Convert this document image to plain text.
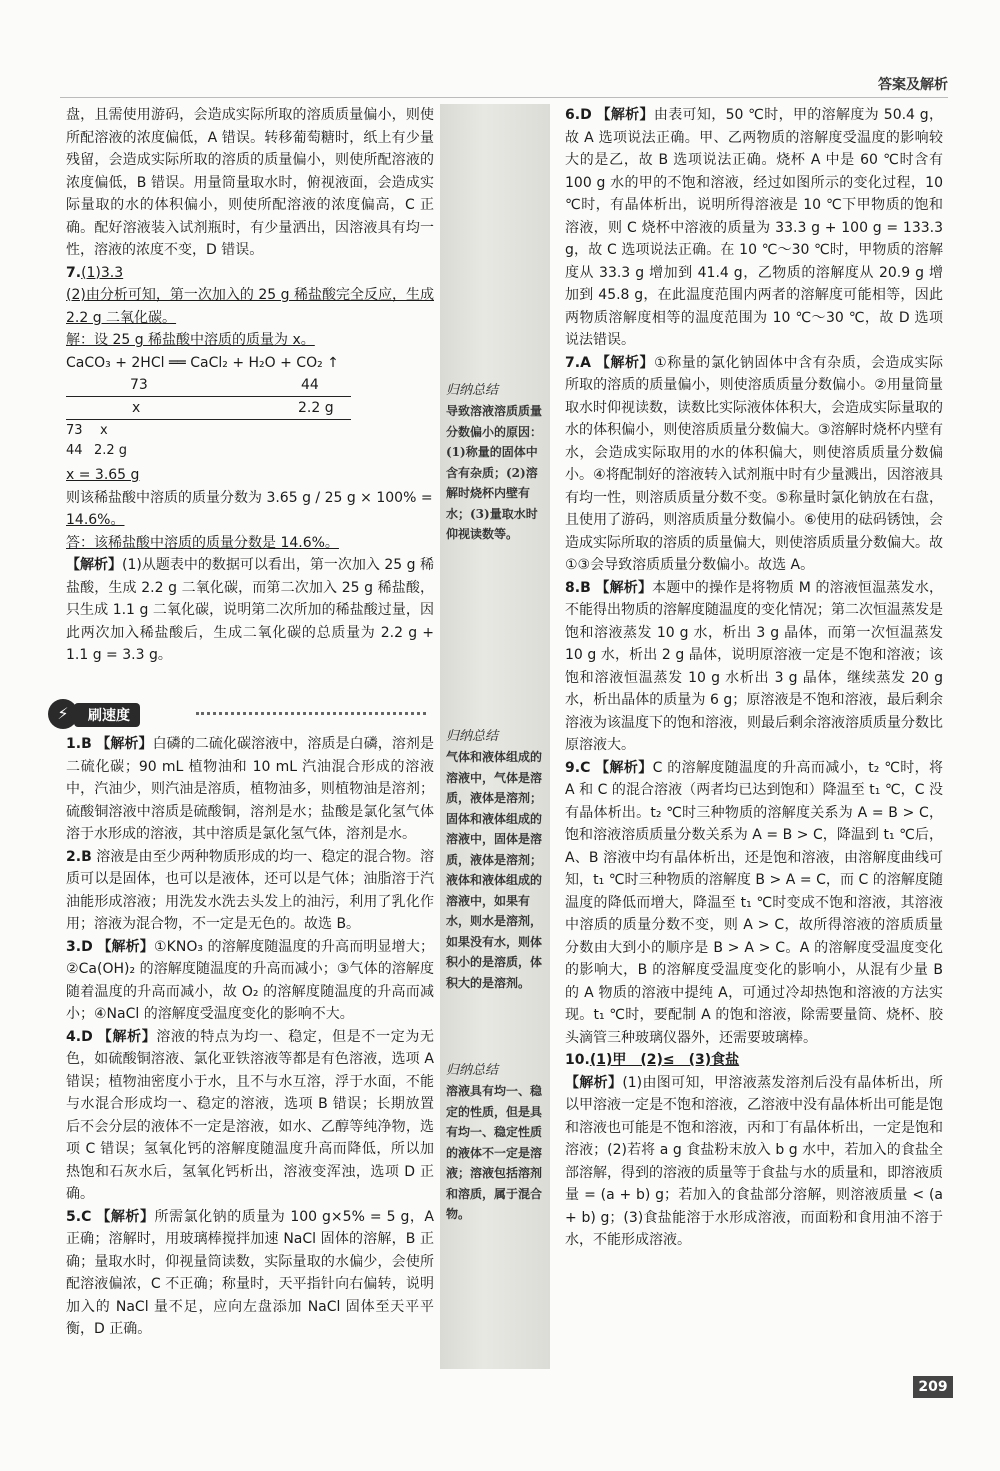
答案及解析
归纳总结
导致溶液溶质质量分数偏小的原因：(1)称量的固体中含有杂质；(2)溶解时烧杯内壁有水；(3)量取水时仰视读数等。
归纳总结
气体和液体组成的溶液中，气体是溶质，液体是溶剂；固体和液体组成的溶液中，固体是溶质，液体是溶剂；液体和液体组成的溶液中，如果有水，则水是溶剂，如果没有水，则体积小的是溶质，体积大的是溶剂。
归纳总结
溶液具有均一、稳定的性质，但是具有均一、稳定性质的液体不一定是溶液；溶液包括溶剂和溶质，属于混合物。

盘，且需使用游码，会造成实际所取的溶质质量偏小，则使所配溶液的浓度偏低，A 错误。转移葡萄糖时，纸上有少量残留，会造成实际所取的溶质的质量偏小，则使所配溶液的浓度偏低，B 错误。用量筒量取水时，俯视液面，会造成实际量取的水的体积偏小，则使所配溶液的浓度偏高，C 正确。配好溶液装入试剂瓶时，有少量洒出，因溶液具有均一性，溶液的浓度不变，D 错误。

7.(1)3.3

(2)由分析可知，第一次加入的 25 g 稀盐酸完全反应，生成 2.2 g 二氧化碳。

解：设 25 g 稀盐酸中溶质的质量为 x。

CaCO₃ + 2HCl ══ CaCl₂ + H₂O + CO₂ ↑

73	44
x	2.2 g
73 x
44 2.2 g

x = 3.65 g

则该稀盐酸中溶质的质量分数为 3.65 g / 25 g × 100% =

14.6%。

答：该稀盐酸中溶质的质量分数是 14.6%。

【解析】(1)从题表中的数据可以看出，第一次加入 25 g 稀盐酸，生成 2.2 g 二氧化碳，而第二次加入 25 g 稀盐酸，只生成 1.1 g 二氧化碳，说明第二次所加的稀盐酸过量，因此两次加入稀盐酸后，生成二氧化碳的总质量为 2.2 g + 1.1 g = 3.3 g。

⚡	刷速度

1.B 【解析】白磷的二硫化碳溶液中，溶质是白磷，溶剂是二硫化碳；90 mL 植物油和 10 mL 汽油混合形成的溶液中，汽油少，则汽油是溶质，植物油多，则植物油是溶剂；硫酸铜溶液中溶质是硫酸铜，溶剂是水；盐酸是氯化氢气体溶于水形成的溶液，其中溶质是氯化氢气体，溶剂是水。

2.B 溶液是由至少两种物质形成的均一、稳定的混合物。溶质可以是固体，也可以是液体，还可以是气体；油脂溶于汽油能形成溶液；用洗发水洗去头发上的油污，利用了乳化作用；溶液为混合物，不一定是无色的。故选 B。

3.D 【解析】①KNO₃ 的溶解度随温度的升高而明显增大；②Ca(OH)₂ 的溶解度随温度的升高而减小；③气体的溶解度随着温度的升高而减小，故 O₂ 的溶解度随温度的升高而减小；④NaCl 的溶解度受温度变化的影响不大。

4.D 【解析】溶液的特点为均一、稳定，但是不一定为无色，如硫酸铜溶液、氯化亚铁溶液等都是有色溶液，选项 A 错误；植物油密度小于水，且不与水互溶，浮于水面，不能与水混合形成均一、稳定的溶液，选项 B 错误；长期放置后不会分层的液体不一定是溶液，如水、乙醇等纯净物，选项 C 错误；氢氧化钙的溶解度随温度升高而降低，所以加热饱和石灰水后，氢氧化钙析出，溶液变浑浊，选项 D 正确。

5.C 【解析】所需氯化钠的质量为 100 g×5% = 5 g，A 正确；溶解时，用玻璃棒搅拌加速 NaCl 固体的溶解，B 正确；量取水时，仰视量筒读数，实际量取的水偏少，会使所配溶液偏浓，C 不正确；称量时，天平指针向右偏转，说明加入的 NaCl 量不足，应向左盘添加 NaCl 固体至天平平衡，D 正确。

6.D 【解析】由表可知，50 ℃时，甲的溶解度为 50.4 g，故 A 选项说法正确。甲、乙两物质的溶解度受温度的影响较大的是乙，故 B 选项说法正确。烧杯 A 中是 60 ℃时含有 100 g 水的甲的不饱和溶液，经过如图所示的变化过程，10 ℃时，有晶体析出，说明所得溶液是 10 ℃下甲物质的饱和溶液，则 C 烧杯中溶液的质量为 33.3 g + 100 g = 133.3 g，故 C 选项说法正确。在 10 ℃～30 ℃时，甲物质的溶解度从 33.3 g 增加到 41.4 g，乙物质的溶解度从 20.9 g 增加到 45.8 g，在此温度范围内两者的溶解度可能相等，因此两物质溶解度相等的温度范围为 10 ℃～30 ℃，故 D 选项说法错误。

7.A 【解析】①称量的氯化钠固体中含有杂质，会造成实际所取的溶质的质量偏小，则使溶质质量分数偏小。②用量筒量取水时仰视读数，读数比实际液体体积大，会造成实际量取的水的体积偏小，则使溶质质量分数偏大。③溶解时烧杯内壁有水，会造成实际取用的水的体积偏大，则使溶质质量分数偏小。④将配制好的溶液转入试剂瓶中时有少量溅出，因溶液具有均一性，则溶质质量分数不变。⑤称量时氯化钠放在右盘，且使用了游码，则溶质质量分数偏小。⑥使用的砝码锈蚀，会造成实际所取的溶质的质量偏大，则使溶质质量分数偏大。故①③会导致溶质质量分数偏小。故选 A。

8.B 【解析】本题中的操作是将物质 M 的溶液恒温蒸发水，不能得出物质的溶解度随温度的变化情况；第二次恒温蒸发是饱和溶液蒸发 10 g 水，析出 3 g 晶体，而第一次恒温蒸发 10 g 水，析出 2 g 晶体，说明原溶液一定是不饱和溶液；该饱和溶液恒温蒸发 10 g 水析出 3 g 晶体，继续蒸发 20 g 水，析出晶体的质量为 6 g；原溶液是不饱和溶液，最后剩余溶液为该温度下的饱和溶液，则最后剩余溶液溶质质量分数比原溶液大。

9.C 【解析】C 的溶解度随温度的升高而减小，t₂ ℃时，将 A 和 C 的混合溶液（两者均已达到饱和）降温至 t₁ ℃，C 没有晶体析出。t₂ ℃时三种物质的溶解度关系为 A = B > C，饱和溶液溶质质量分数关系为 A = B > C，降温到 t₁ ℃后，A、B 溶液中均有晶体析出，还是饱和溶液，由溶解度曲线可知，t₁ ℃时三种物质的溶解度 B > A = C，而 C 的溶解度随温度的降低而增大，降温至 t₁ ℃时变成不饱和溶液，其溶液中溶质的质量分数不变，则 A > C，故所得溶液的溶质质量分数由大到小的顺序是 B > A > C。A 的溶解度受温度变化的影响大，B 的溶解度受温度变化的影响小，从混有少量 B 的 A 物质的溶液中提纯 A，可通过冷却热饱和溶液的方法实现。t₁ ℃时，要配制 A 的饱和溶液，除需要量筒、烧杯、胶头滴管三种玻璃仪器外，还需要玻璃棒。

10.(1)甲　(2)≤　(3)食盐

【解析】(1)由图可知，甲溶液蒸发溶剂后没有晶体析出，所以甲溶液一定是不饱和溶液，乙溶液中没有晶体析出可能是饱和溶液也可能是不饱和溶液，丙和丁有晶体析出，一定是饱和溶液；(2)若将 a g 食盐粉末放入 b g 水中，若加入的食盐全部溶解，得到的溶液的质量等于食盐与水的质量和，即溶液质量 = (a + b) g；若加入的食盐部分溶解，则溶液质量 < (a + b) g；(3)食盐能溶于水形成溶液，而面粉和食用油不溶于水，不能形成溶液。

209
